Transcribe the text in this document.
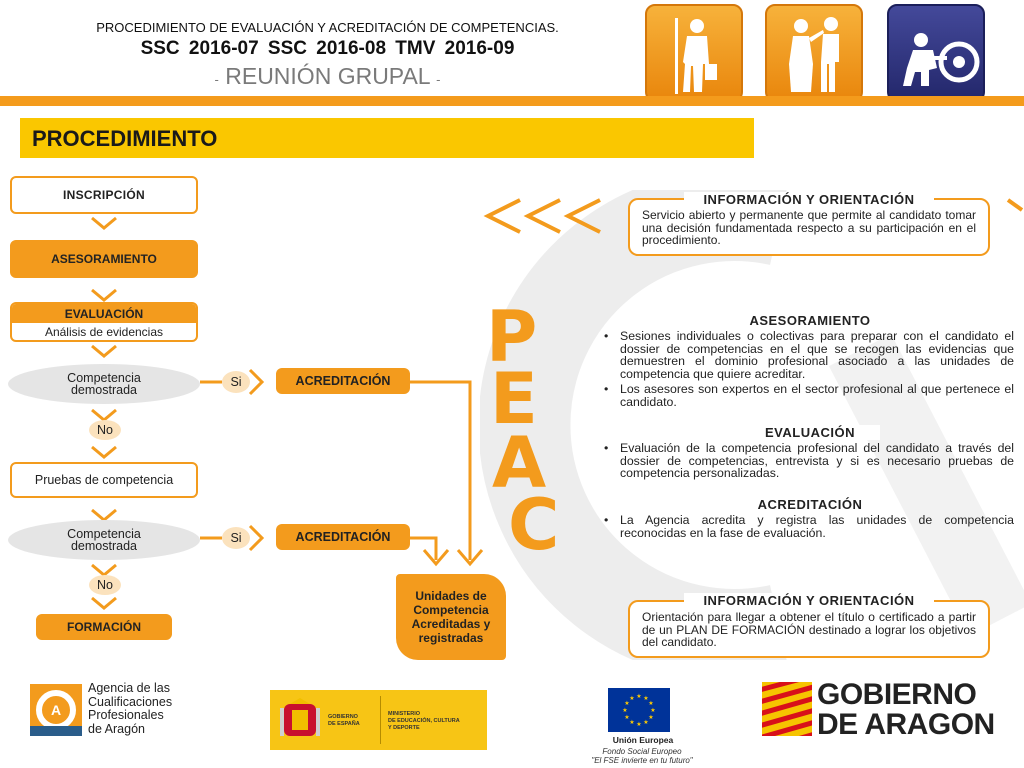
PROCEDIMIENTO DE EVALUACIÓN Y ACREDITACIÓN DE COMPETENCIAS.
SSC 2016-07 SSC 2016-08 TMV 2016-09
- REUNIÓN GRUPAL -
PROCEDIMIENTO
INSCRIPCIÓN
ASESORAMIENTO
EVALUACIÓN
Análisis de evidencias
Competencia demostrada
Si	ACREDITACIÓN
No
Pruebas de competencia
Competencia demostrada
Si	ACREDITACIÓN
No
FORMACIÓN
Unidades de Competencia Acreditadas y registradas
P
E
A
C
Servicio abierto y permanente que permite al candidato tomar una decisión fundamentada respecto a su participación en el procedimiento.
INFORMACIÓN Y ORIENTACIÓN
ASESORAMIENTO
• Sesiones individuales o colectivas para preparar con el candidato el dossier de competencias en el que se recogen las evidencias que demuestren el dominio profesional asociado a las unidades de competencia que quiere acreditar.
• Los asesores son expertos en el sector profesional al que pertenece el candidato.
EVALUACIÓN
• Evaluación de la competencia profesional del candidato a través del dossier de competencias, entrevista y si es necesario pruebas de competencia personalizadas.
ACREDITACIÓN
• La Agencia acredita y registra las unidades de competencia reconocidas en la fase de evaluación.
Orientación para llegar a obtener el título o certificado a partir de un PLAN DE FORMACIÓN destinado a lograr los objetivos del candidato.
INFORMACIÓN Y ORIENTACIÓN
A
Agencia de las
Cualificaciones
Profesionales
de Aragón
GOBIERNO
DE ESPAÑA
MINISTERIO
DE EDUCACIÓN, CULTURA
Y DEPORTE
★ ★
★
★
★
★
★
★
★
★
★
★
Unión Europea
Fondo Social Europeo
"El FSE invierte en tu futuro"
GOBIERNO
DE ARAGON
